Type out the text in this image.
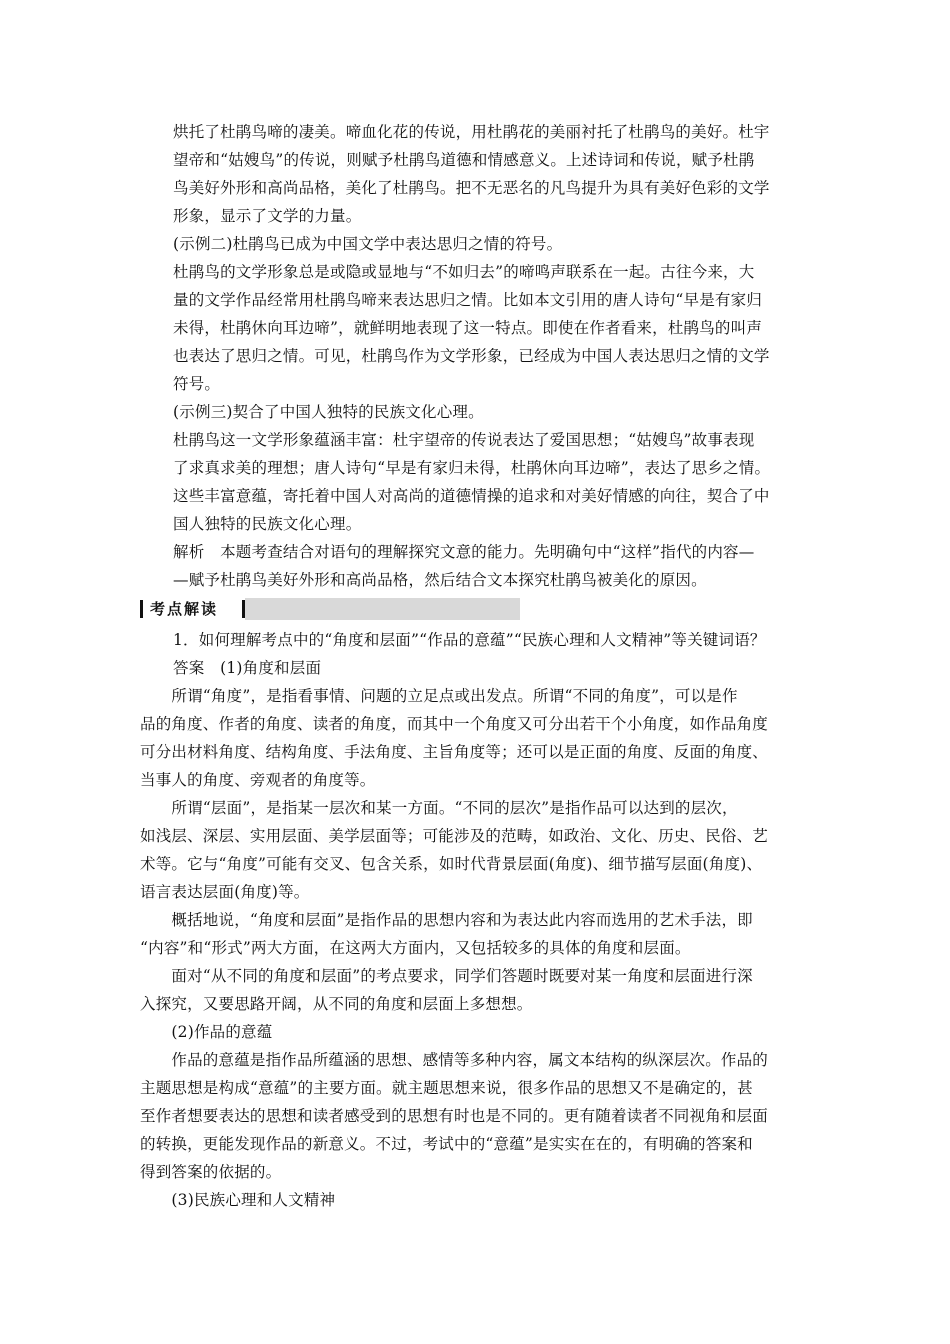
烘托了杜鹃鸟啼的凄美。啼血化花的传说，用杜鹃花的美丽衬托了杜鹃鸟的美好。杜宇
望帝和“姑嫂鸟”的传说，则赋予杜鹃鸟道德和情感意义。上述诗词和传说，赋予杜鹃
鸟美好外形和高尚品格，美化了杜鹃鸟。把不无恶名的凡鸟提升为具有美好色彩的文学
形象，显示了文学的力量。
(示例二)杜鹃鸟已成为中国文学中表达思归之情的符号。
杜鹃鸟的文学形象总是或隐或显地与“不如归去”的啼鸣声联系在一起。古往今来，大
量的文学作品经常用杜鹃鸟啼来表达思归之情。比如本文引用的唐人诗句“早是有家归
未得，杜鹃休向耳边啼”，就鲜明地表现了这一特点。即使在作者看来，杜鹃鸟的叫声
也表达了思归之情。可见，杜鹃鸟作为文学形象，已经成为中国人表达思归之情的文学
符号。
(示例三)契合了中国人独特的民族文化心理。
杜鹃鸟这一文学形象蕴涵丰富：杜宇望帝的传说表达了爱国思想；“姑嫂鸟”故事表现
了求真求美的理想；唐人诗句“早是有家归未得，杜鹃休向耳边啼”，表达了思乡之情。
这些丰富意蕴，寄托着中国人对高尚的道德情操的追求和对美好情感的向往，契合了中
国人独特的民族文化心理。
解析　本题考查结合对语句的理解探究文意的能力。先明确句中“这样”指代的内容—
—赋予杜鹃鸟美好外形和高尚品格，然后结合文本探究杜鹃鸟被美化的原因。
考点解读
1．如何理解考点中的“角度和层面”“作品的意蕴”“民族心理和人文精神”等关键词语？
答案　(1)角度和层面
　　所谓“角度”，是指看事情、问题的立足点或出发点。所谓“不同的角度”，可以是作
品的角度、作者的角度、读者的角度，而其中一个角度又可分出若干个小角度，如作品角度
可分出材料角度、结构角度、手法角度、主旨角度等；还可以是正面的角度、反面的角度、
当事人的角度、旁观者的角度等。
　　所谓“层面”，是指某一层次和某一方面。“不同的层次”是指作品可以达到的层次，
如浅层、深层、实用层面、美学层面等；可能涉及的范畴，如政治、文化、历史、民俗、艺
术等。它与“角度”可能有交叉、包含关系，如时代背景层面(角度)、细节描写层面(角度)、
语言表达层面(角度)等。
　　概括地说，“角度和层面”是指作品的思想内容和为表达此内容而选用的艺术手法，即
“内容”和“形式”两大方面，在这两大方面内，又包括较多的具体的角度和层面。
　　面对“从不同的角度和层面”的考点要求，同学们答题时既要对某一角度和层面进行深
入探究，又要思路开阔，从不同的角度和层面上多想想。
　　(2)作品的意蕴
　　作品的意蕴是指作品所蕴涵的思想、感情等多种内容，属文本结构的纵深层次。作品的
主题思想是构成“意蕴”的主要方面。就主题思想来说，很多作品的思想又不是确定的，甚
至作者想要表达的思想和读者感受到的思想有时也是不同的。更有随着读者不同视角和层面
的转换，更能发现作品的新意义。不过，考试中的“意蕴”是实实在在的，有明确的答案和
得到答案的依据的。
　　(3)民族心理和人文精神
